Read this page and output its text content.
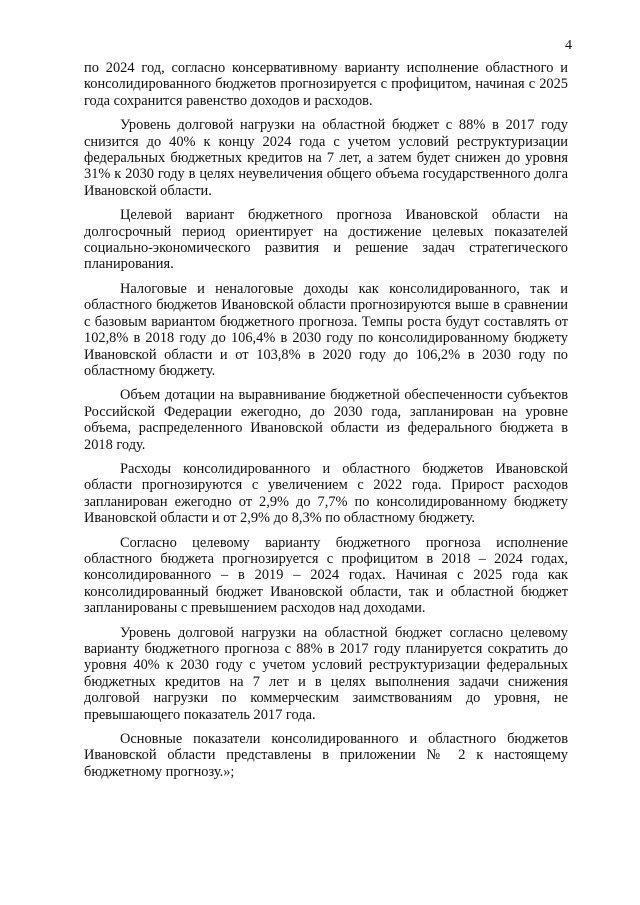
4

по 2024 год, согласно консервативному варианту исполнение областного и консолидированного бюджетов прогнозируется с профицитом, начиная с 2025 года сохранится равенство доходов и расходов.

Уровень долговой нагрузки на областной бюджет с 88% в 2017 году снизится до 40% к концу 2024 года с учетом условий реструктуризации федеральных бюджетных кредитов на 7 лет, а затем будет снижен до уровня 31% к 2030 году в целях неувеличения общего объема государственного долга Ивановской области.

Целевой вариант бюджетного прогноза Ивановской области на долгосрочный период ориентирует на достижение целевых показателей социально-экономического развития и решение задач стратегического планирования.

Налоговые и неналоговые доходы как консолидированного, так и областного бюджетов Ивановской области прогнозируются выше в сравнении с базовым вариантом бюджетного прогноза. Темпы роста будут составлять от 102,8% в 2018 году до 106,4% в 2030 году по консолидированному бюджету Ивановской области и от 103,8% в 2020 году до 106,2% в 2030 году по областному бюджету.

Объем дотации на выравнивание бюджетной обеспеченности субъектов Российской Федерации ежегодно, до 2030 года, запланирован на уровне объема, распределенного Ивановской области из федерального бюджета в 2018 году.

Расходы консолидированного и областного бюджетов Ивановской области прогнозируются с увеличением с 2022 года. Прирост расходов запланирован ежегодно от 2,9% до 7,7% по консолидированному бюджету Ивановской области и от 2,9% до 8,3% по областному бюджету.

Согласно целевому варианту бюджетного прогноза исполнение областного бюджета прогнозируется с профицитом в 2018 – 2024 годах, консолидированного – в 2019 – 2024 годах. Начиная с 2025 года как консолидированный бюджет Ивановской области, так и областной бюджет запланированы с превышением расходов над доходами.

Уровень долговой нагрузки на областной бюджет согласно целевому варианту бюджетного прогноза с 88% в 2017 году планируется сократить до уровня 40% к 2030 году с учетом условий реструктуризации федеральных бюджетных кредитов на 7 лет и в целях выполнения задачи снижения долговой нагрузки по коммерческим заимствованиям до уровня, не превышающего показатель 2017 года.

Основные показатели консолидированного и областного бюджетов Ивановской области представлены в приложении № 2 к настоящему бюджетному прогнозу.»;
